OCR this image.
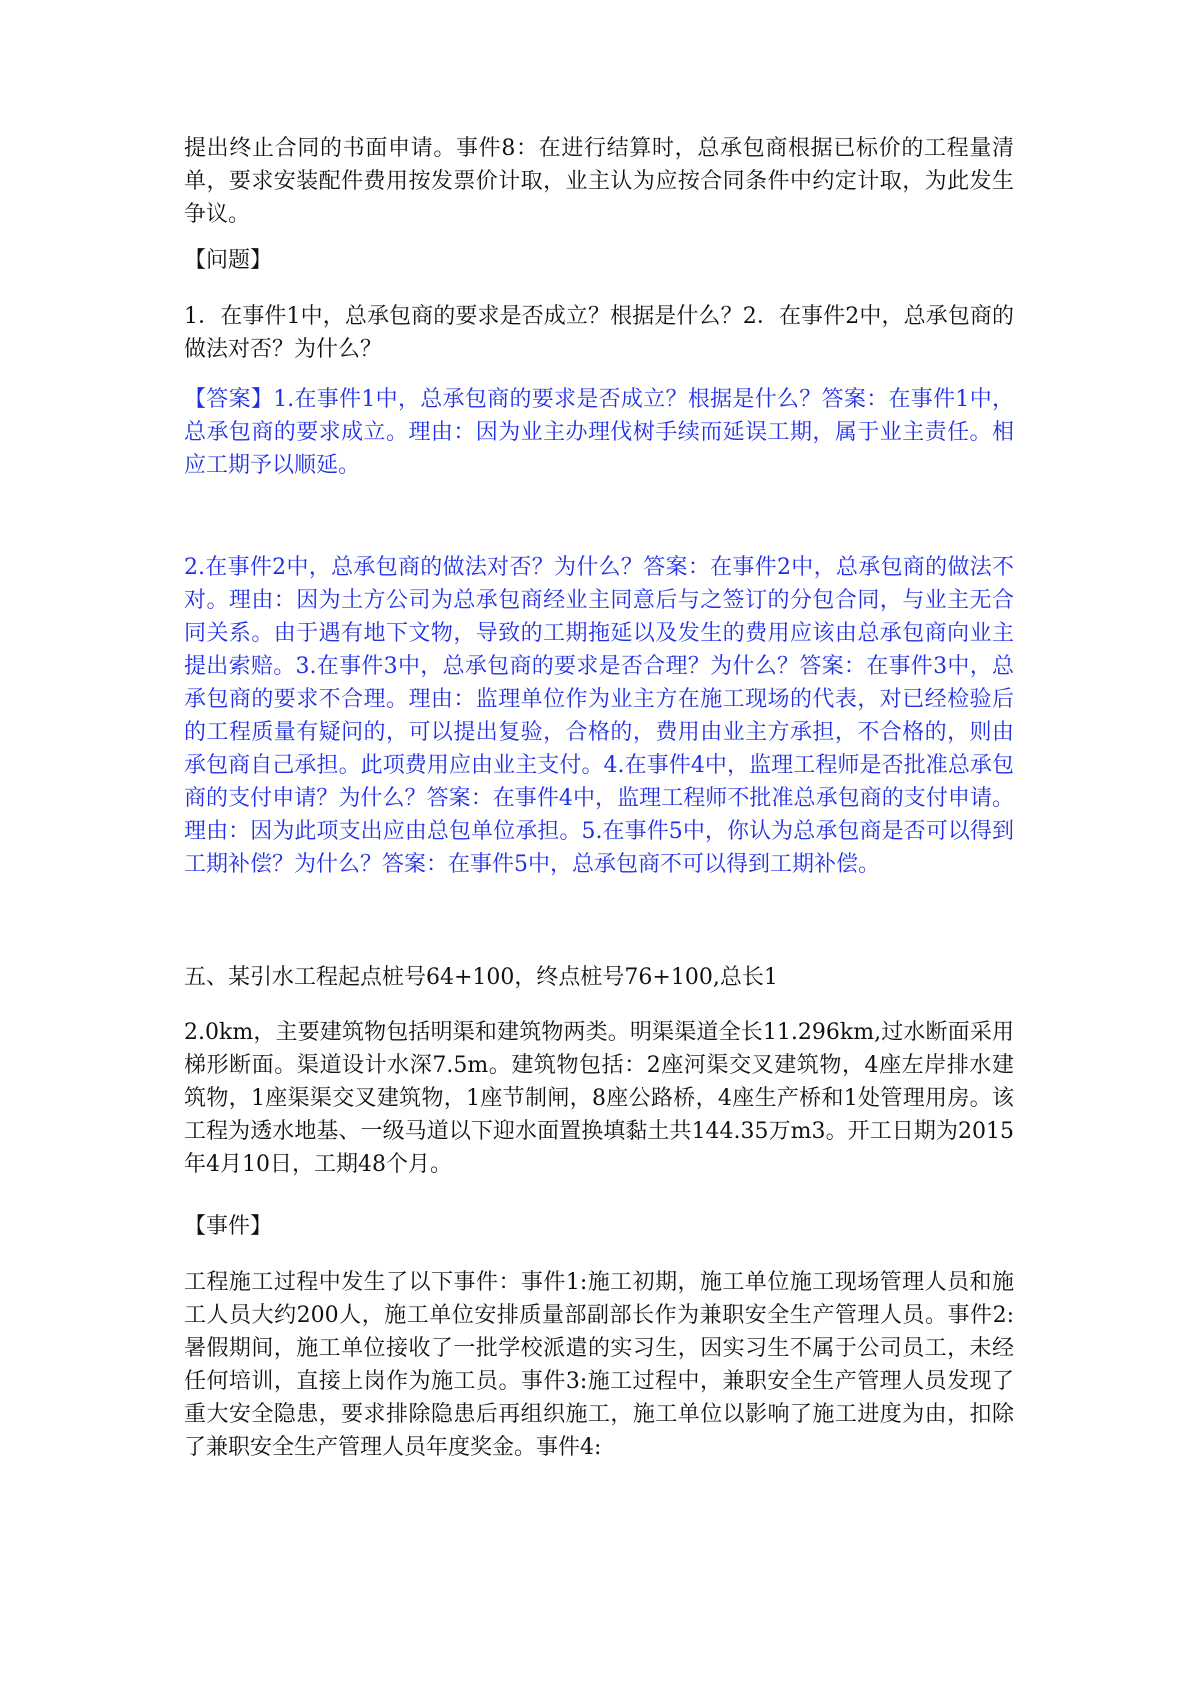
提出终止合同的书面申请。事件8：在进行结算时，总承包商根据已标价的工程量清单，要求安装配件费用按发票价计取，业主认为应按合同条件中约定计取，为此发生争议。

【问题】

1．在事件1中，总承包商的要求是否成立？根据是什么？2．在事件2中，总承包商的做法对否？为什么？

【答案】1.在事件1中，总承包商的要求是否成立？根据是什么？答案：在事件1中，总承包商的要求成立。理由：因为业主办理伐树手续而延误工期，属于业主责任。相应工期予以顺延。

2.在事件2中，总承包商的做法对否？为什么？答案：在事件2中，总承包商的做法不对。理由：因为土方公司为总承包商经业主同意后与之签订的分包合同，与业主无合同关系。由于遇有地下文物，导致的工期拖延以及发生的费用应该由总承包商向业主提出索赔。3.在事件3中，总承包商的要求是否合理？为什么？答案：在事件3中，总承包商的要求不合理。理由：监理单位作为业主方在施工现场的代表，对已经检验后的工程质量有疑问的，可以提出复验，合格的，费用由业主方承担，不合格的，则由承包商自己承担。此项费用应由业主支付。4.在事件4中，监理工程师是否批准总承包商的支付申请？为什么？答案：在事件4中，监理工程师不批准总承包商的支付申请。理由：因为此项支出应由总包单位承担。5.在事件5中，你认为总承包商是否可以得到工期补偿？为什么？答案：在事件5中，总承包商不可以得到工期补偿。

五、某引水工程起点桩号64+100，终点桩号76+100,总长1

2.0km，主要建筑物包括明渠和建筑物两类。明渠渠道全长11.296km,过水断面采用梯形断面。渠道设计水深7.5m。建筑物包括：2座河渠交叉建筑物，4座左岸排水建筑物，1座渠渠交叉建筑物，1座节制闸，8座公路桥，4座生产桥和1处管理用房。该工程为透水地基、一级马道以下迎水面置换填黏土共144.35万m3。开工日期为2015年4月10日，工期48个月。

【事件】

工程施工过程中发生了以下事件：事件1:施工初期，施工单位施工现场管理人员和施工人员大约200人，施工单位安排质量部副部长作为兼职安全生产管理人员。事件2:暑假期间，施工单位接收了一批学校派遣的实习生，因实习生不属于公司员工，未经任何培训，直接上岗作为施工员。事件3:施工过程中，兼职安全生产管理人员发现了重大安全隐患，要求排除隐患后再组织施工，施工单位以影响了施工进度为由，扣除了兼职安全生产管理人员年度奖金。事件4:
